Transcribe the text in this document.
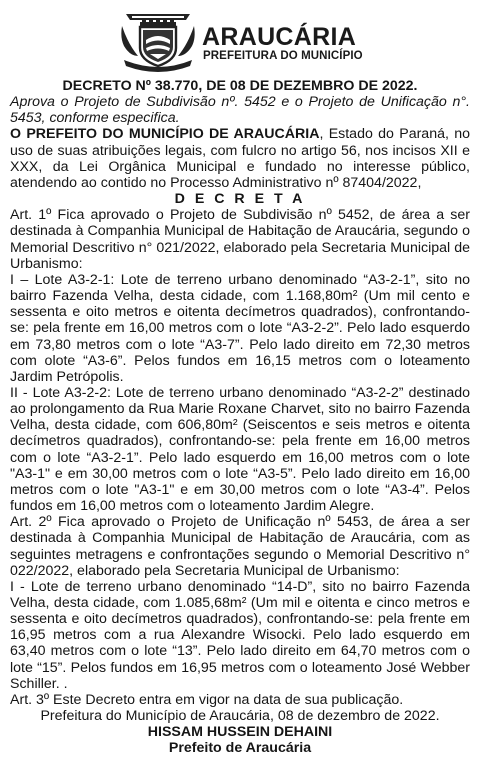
ARAUCÁRIA
PREFEITURA DO MUNICÍPIO

DECRETO Nº 38.770, DE 08 DE DEZEMBRO DE 2022.

Aprova o Projeto de Subdivisão nº. 5452 e o Projeto de Unificação n°. 5453, conforme especifica.

O PREFEITO DO MUNICÍPIO DE ARAUCÁRIA, Estado do Paraná, no uso de suas atribuições legais, com fulcro no artigo 56, nos incisos XII e XXX, da Lei Orgânica Municipal e fundado no interesse público, atendendo ao contido no Processo Administrativo nº 87404/2022,

D E C R E T A

Art. 1º Fica aprovado o Projeto de Subdivisão nº 5452, de área a ser destinada à Companhia Municipal de Habitação de Araucária, segundo o Memorial Descritivo n° 021/2022, elaborado pela Secretaria Municipal de Urbanismo:

I – Lote A3-2-1: Lote de terreno urbano denominado “A3-2-1”, sito no bairro Fazenda Velha, desta cidade, com 1.168,80m² (Um mil cento e sessenta e oito metros e oitenta decímetros quadrados), confrontando-se: pela frente em 16,00 metros com o lote “A3-2-2”. Pelo lado esquerdo em 73,80 metros com o lote “A3-7”. Pelo lado direito em 72,30 metros com olote “A3-6”. Pelos fundos em 16,15 metros com o loteamento Jardim Petrópolis.

II - Lote A3-2-2: Lote de terreno urbano denominado “A3-2-2” destinado ao prolongamento da Rua Marie Roxane Charvet, sito no bairro Fazenda Velha, desta cidade, com 606,80m² (Seiscentos e seis metros e oitenta decímetros quadrados), confrontando-se: pela frente em 16,00 metros com o lote “A3-2-1”. Pelo lado esquerdo em 16,00 metros com o lote "A3-1" e em 30,00 metros com o lote “A3-5”. Pelo lado direito em 16,00 metros com o lote "A3-1" e em 30,00 metros com o lote “A3-4”. Pelos fundos em 16,00 metros com o loteamento Jardim Alegre.

Art. 2º Fica aprovado o Projeto de Unificação nº 5453, de área a ser destinada à Companhia Municipal de Habitação de Araucária, com as seguintes metragens e confrontações segundo o Memorial Descritivo n° 022/2022, elaborado pela Secretaria Municipal de Urbanismo:

I - Lote de terreno urbano denominado “14-D”, sito no bairro Fazenda Velha, desta cidade, com 1.085,68m² (Um mil e oitenta e cinco metros e sessenta e oito decímetros quadrados), confrontando-se: pela frente em 16,95 metros com a rua Alexandre Wisocki. Pelo lado esquerdo em 63,40 metros com o lote “13”. Pelo lado direito em 64,70 metros com o lote “15”. Pelos fundos em 16,95 metros com o loteamento José Webber Schiller. .

Art. 3º Este Decreto entra em vigor na data de sua publicação.

Prefeitura do Município de Araucária, 08 de dezembro de 2022.

HISSAM HUSSEIN DEHAINI

Prefeito de Araucária
